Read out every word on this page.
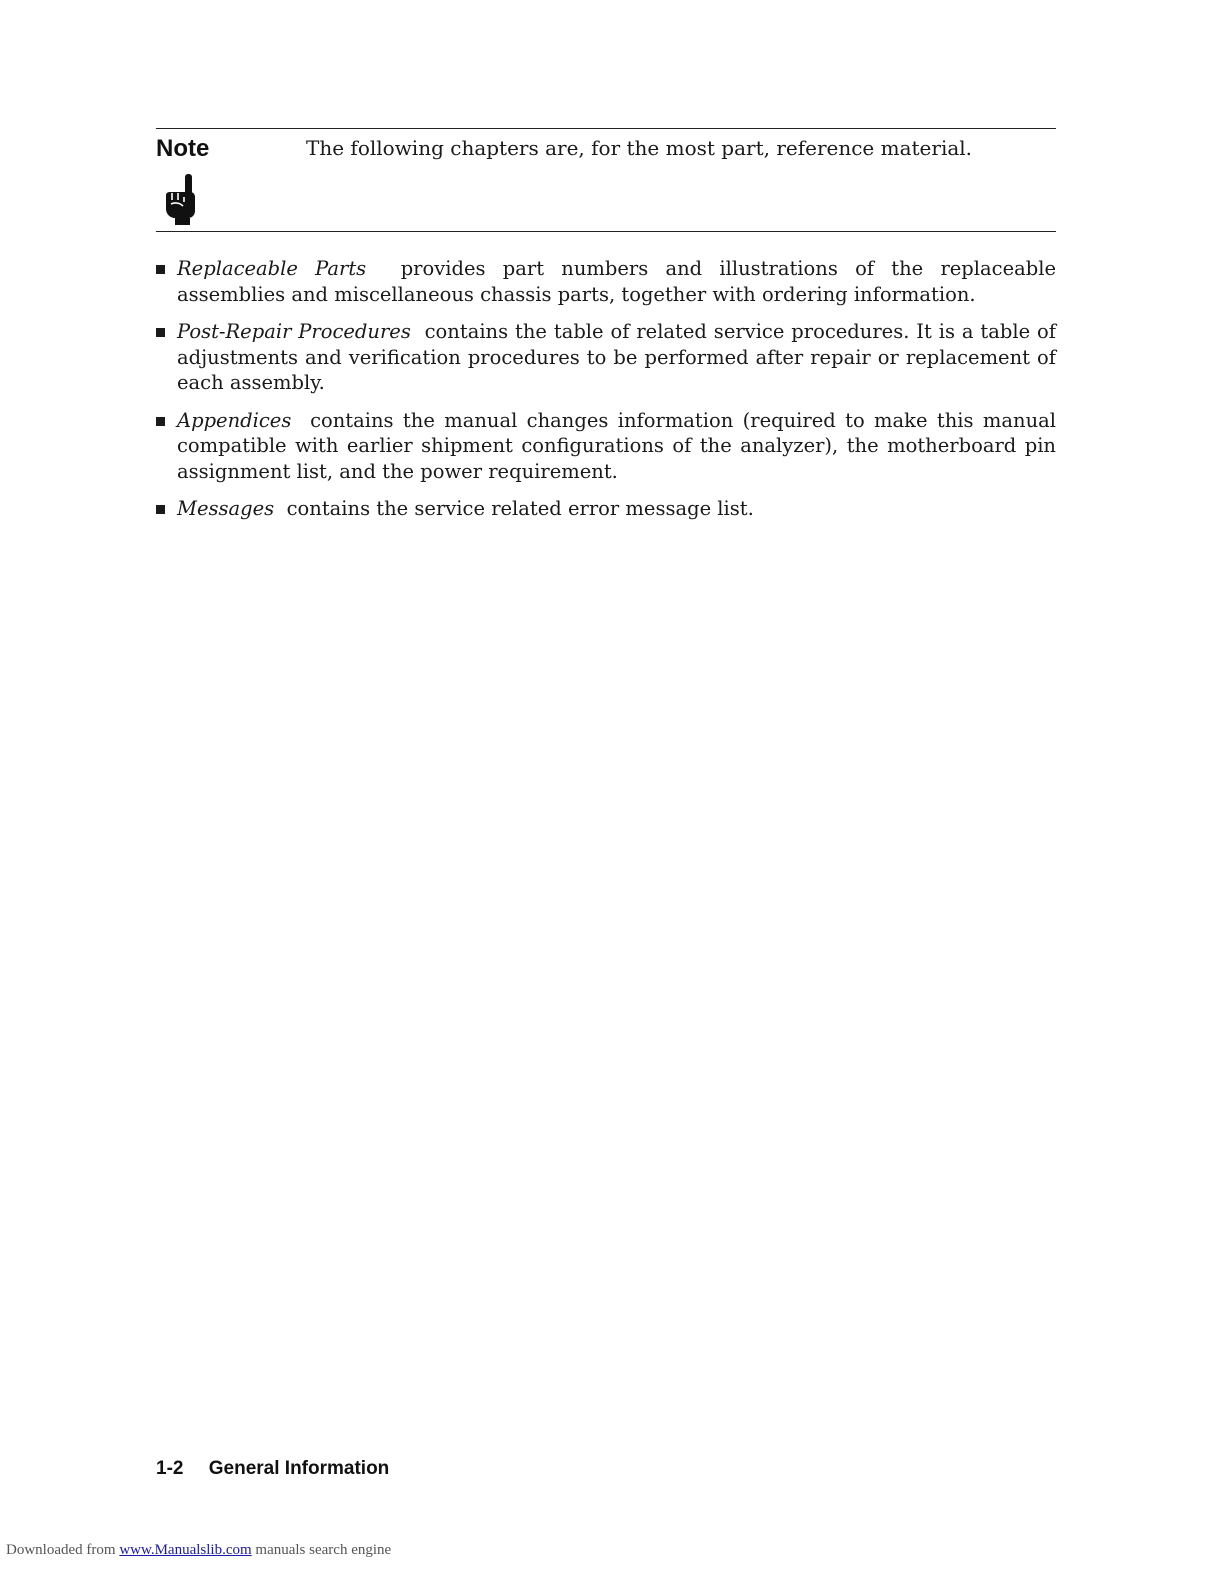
Note	The following chapters are, for the most part, reference material.
Replaceable Parts provides part numbers and illustrations of the replaceable assemblies and miscellaneous chassis parts, together with ordering information.
Post-Repair Procedures contains the table of related service procedures. It is a table of adjustments and verification procedures to be performed after repair or replacement of each assembly.
Appendices contains the manual changes information (required to make this manual compatible with earlier shipment configurations of the analyzer), the motherboard pin assignment list, and the power requirement.
Messages contains the service related error message list.
1-2 General Information
Downloaded from www.Manualslib.com manuals search engine
